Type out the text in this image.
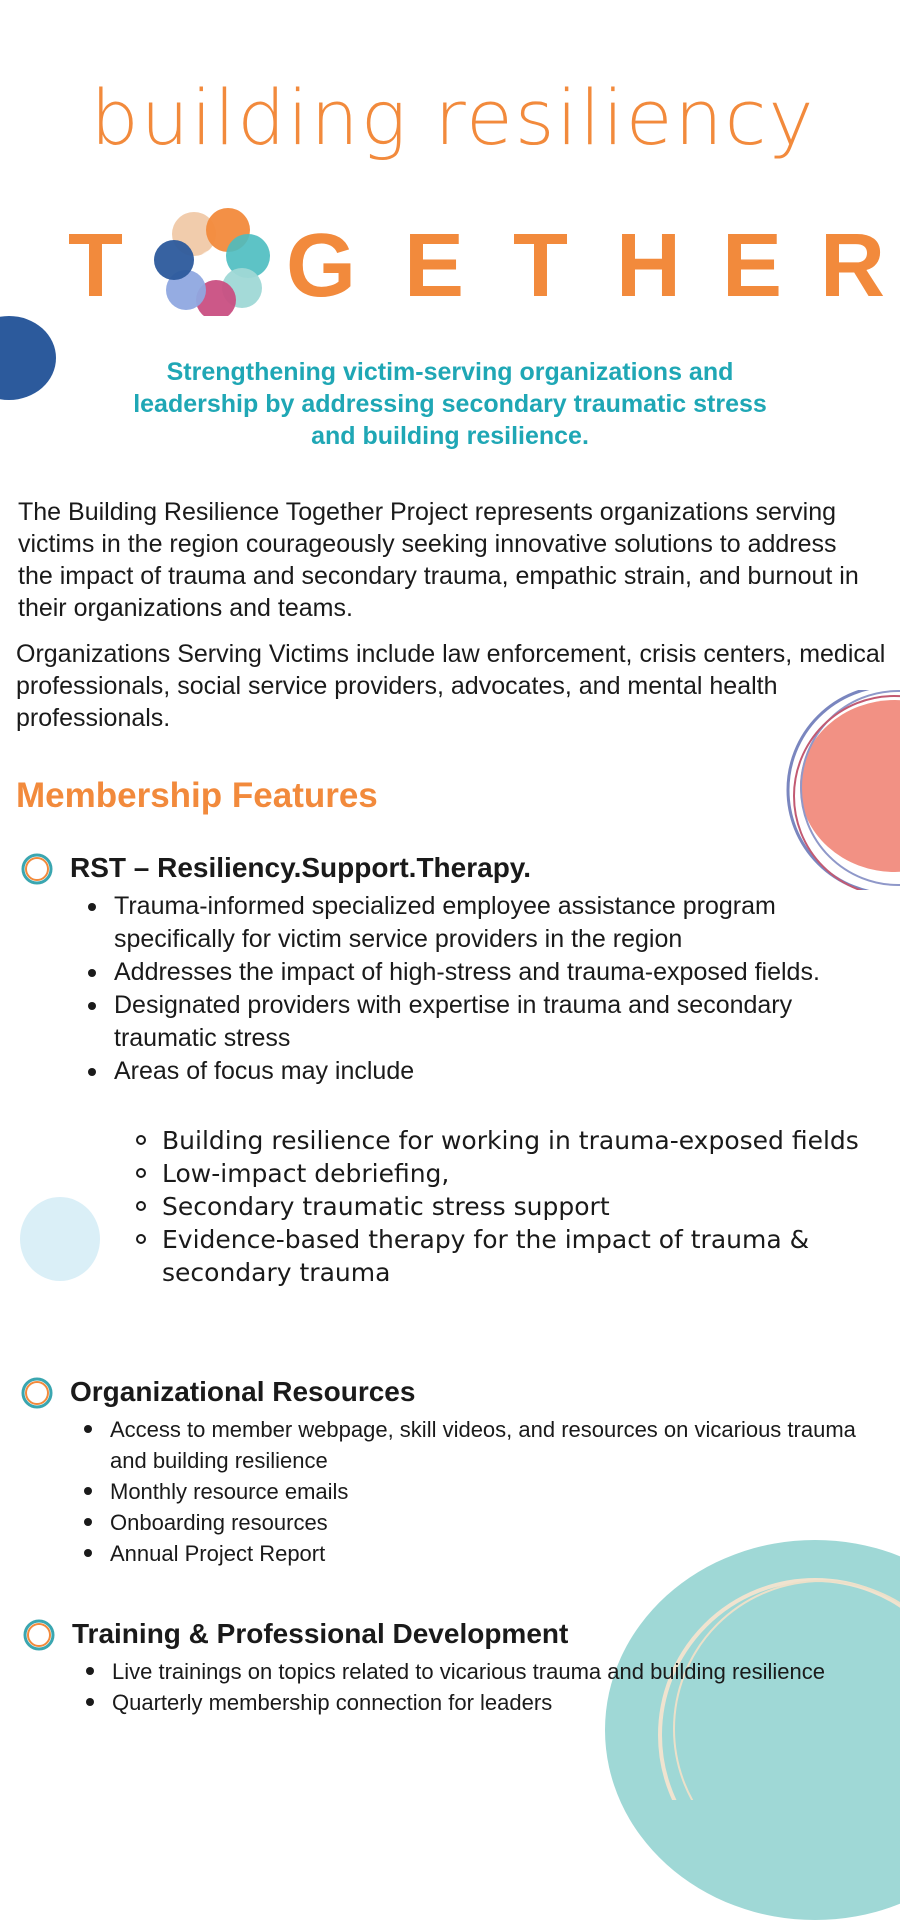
building resiliency
T G E T H E R
Strengthening victim-serving organizations and leadership by addressing secondary traumatic stress and building resilience.
The Building Resilience Together Project represents organizations serving victims in the region courageously seeking innovative solutions to address the impact of trauma and secondary trauma, empathic strain, and burnout in their organizations and teams.
Organizations Serving Victims include law enforcement, crisis centers, medical professionals, social service providers, advocates, and mental health professionals.
Membership Features
RST – Resiliency.Support.Therapy.
Trauma-informed specialized employee assistance program specifically for victim service providers in the region
Addresses the impact of high-stress and trauma-exposed fields.
Designated providers with expertise in trauma and secondary traumatic stress
Areas of focus may include
Building resilience for working in trauma-exposed fields
Low-impact debriefing,
Secondary traumatic stress support
Evidence-based therapy for the impact of trauma & secondary trauma
Organizational Resources
Access to member webpage, skill videos, and resources on vicarious trauma and building resilience
Monthly resource emails
Onboarding resources
Annual Project Report
Training & Professional Development
Live trainings on topics related to vicarious trauma and building resilience
Quarterly membership connection for leaders
